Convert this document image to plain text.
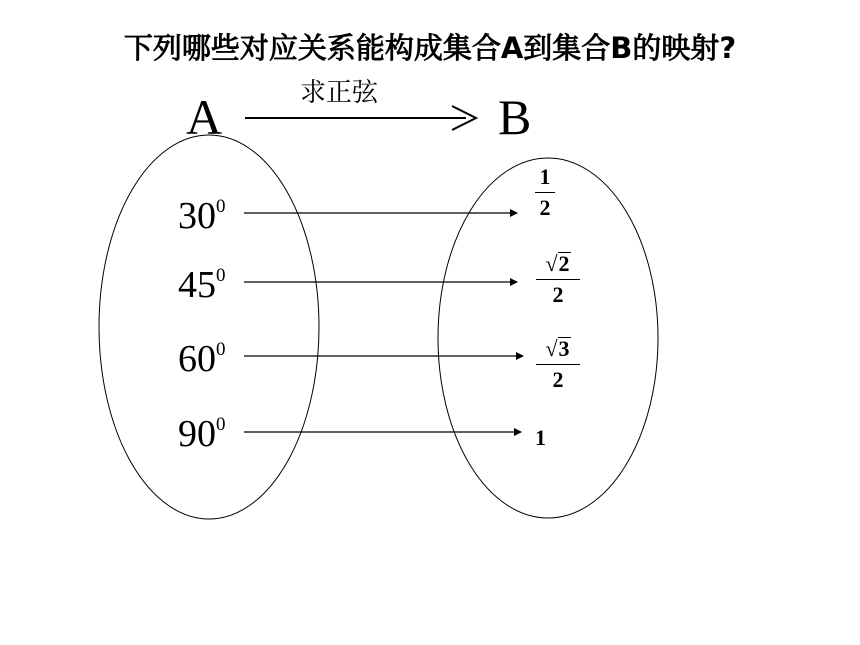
下列哪些对应关系能构成集合A到集合B的映射?
A	B
求正弦
$30^0$
$45^0$
$60^0$
$90^0$
1
2
√2
2
√3
2
1
